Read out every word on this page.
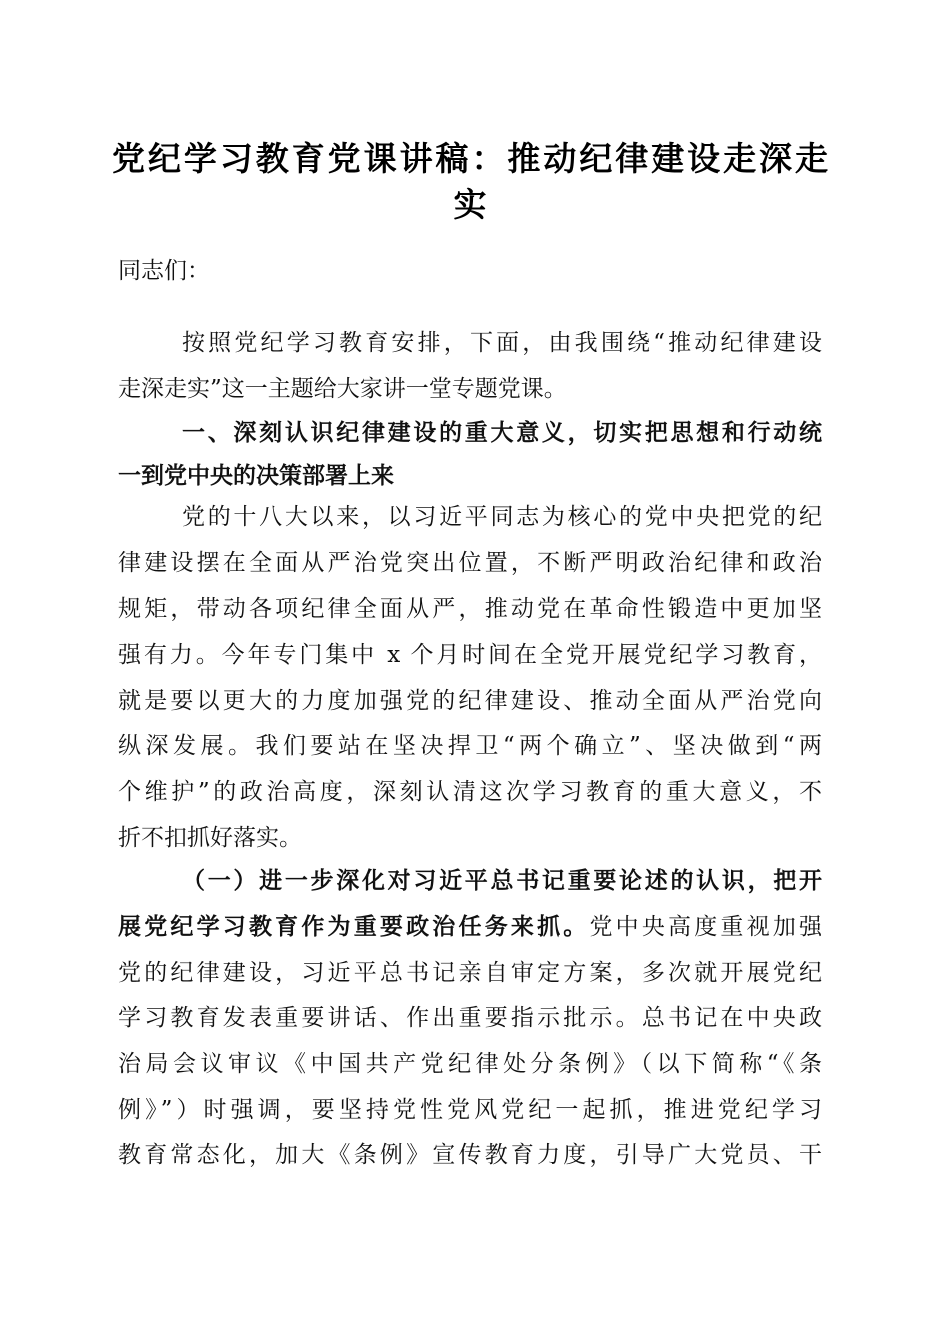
党纪学习教育党课讲稿：推动纪律建设走深走
实
同志们：
按照党纪学习教育安排，下面，由我围绕“推动纪律建设
走深走实”这一主题给大家讲一堂专题党课。
一、深刻认识纪律建设的重大意义，切实把思想和行动统
一到党中央的决策部署上来
党的十八大以来，以习近平同志为核心的党中央把党的纪
律建设摆在全面从严治党突出位置，不断严明政治纪律和政治
规矩，带动各项纪律全面从严，推动党在革命性锻造中更加坚
强有力。今年专门集中 x 个月时间在全党开展党纪学习教育，
就是要以更大的力度加强党的纪律建设、推动全面从严治党向
纵深发展。我们要站在坚决捍卫“两个确立”、坚决做到“两
个维护”的政治高度，深刻认清这次学习教育的重大意义，不
折不扣抓好落实。
（一）进一步深化对习近平总书记重要论述的认识，把开
展党纪学习教育作为重要政治任务来抓。党中央高度重视加强
党的纪律建设，习近平总书记亲自审定方案，多次就开展党纪
学习教育发表重要讲话、作出重要指示批示。总书记在中央政
治局会议审议《中国共产党纪律处分条例》（以下简称“《条
例》”）时强调，要坚持党性党风党纪一起抓，推进党纪学习
教育常态化，加大《条例》宣传教育力度，引导广大党员、干
